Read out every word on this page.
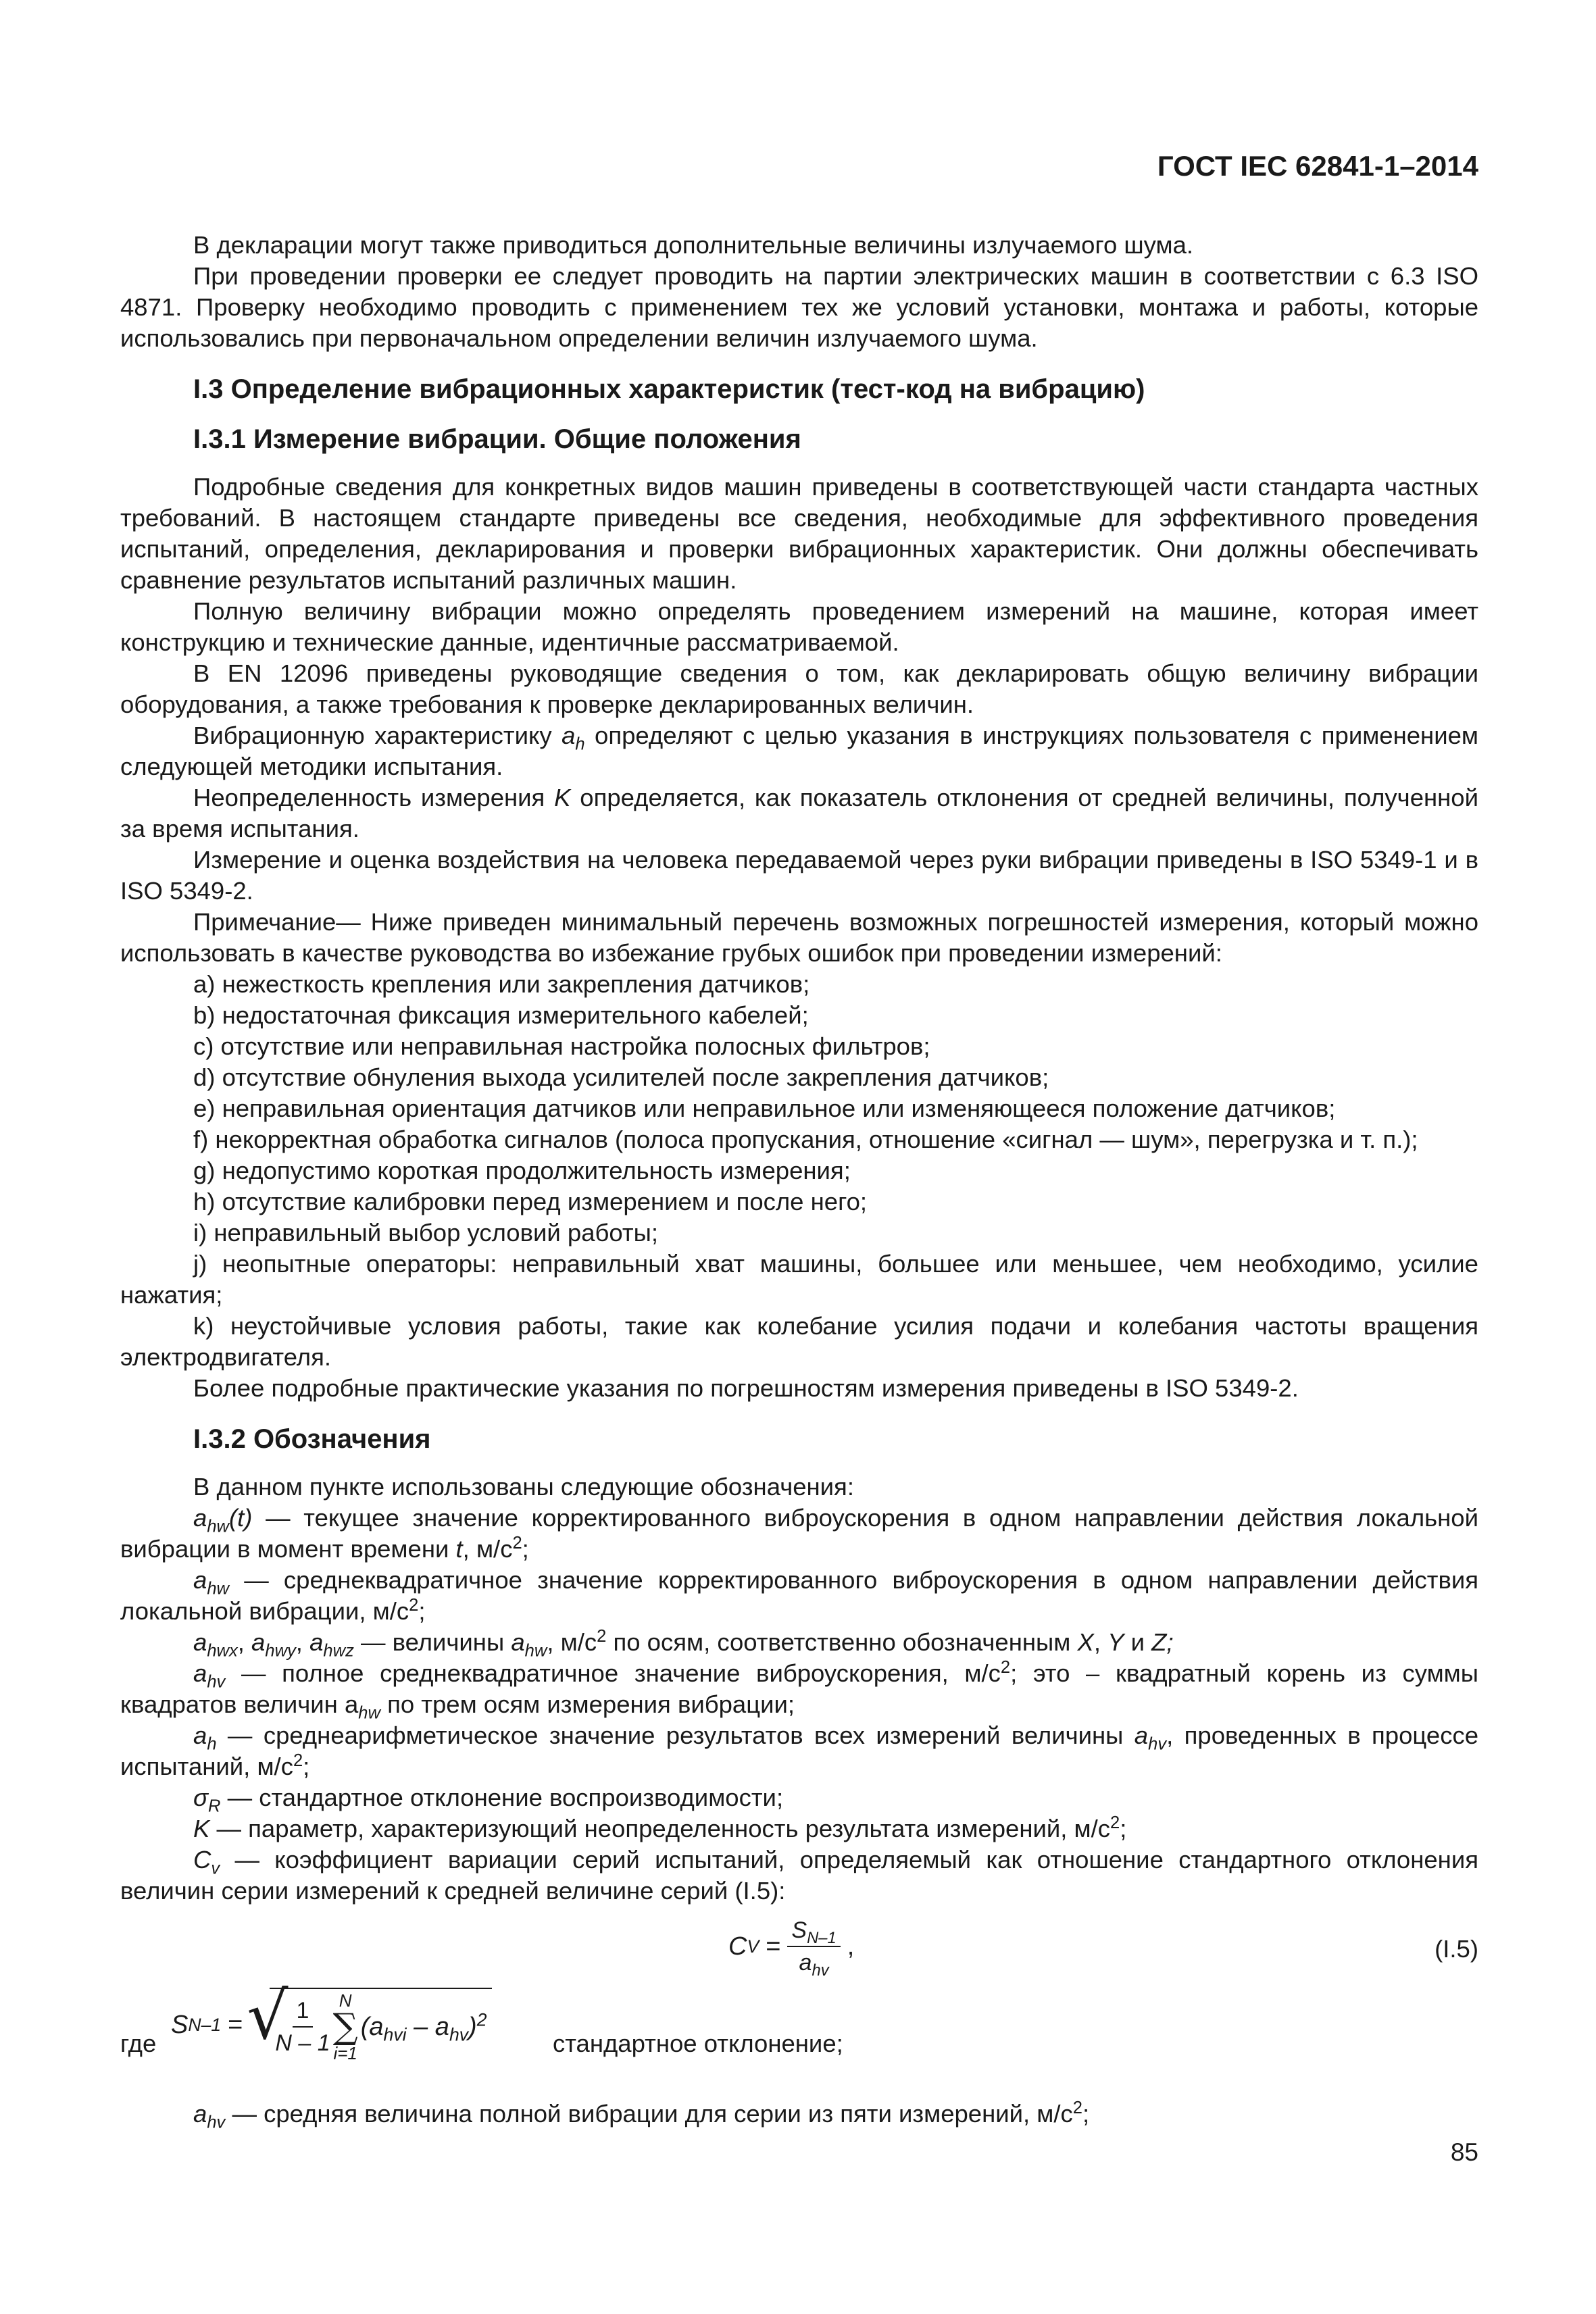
ГОСТ IEC 62841-1–2014

В декларации могут также приводиться дополнительные величины излучаемого шума.

При проведении проверки ее следует проводить на партии электрических машин в соответствии с 6.3 ISO 4871. Проверку необходимо проводить с применением тех же условий установки, монтажа и работы, которые использовались при первоначальном определении величин излучаемого шума.

I.3 Определение вибрационных характеристик (тест-код на вибрацию)
I.3.1 Измерение вибрации. Общие положения

Подробные сведения для конкретных видов машин приведены в соответствующей части стандарта частных требований. В настоящем стандарте приведены все сведения, необходимые для эффективного проведения испытаний, определения, декларирования и проверки вибрационных характеристик. Они должны обеспечивать сравнение результатов испытаний различных машин.

Полную величину вибрации можно определять проведением измерений на машине, которая имеет конструкцию и технические данные, идентичные рассматриваемой.

В EN 12096 приведены руководящие сведения о том, как декларировать общую величину вибрации оборудования, а также требования к проверке декларированных величин.

Вибрационную характеристику $a_h$ определяют с целью указания в инструкциях пользователя с применением следующей методики испытания.

Неопределенность измерения K определяется, как показатель отклонения от средней величины, полученной за время испытания.

Измерение и оценка воздействия на человека передаваемой через руки вибрации приведены в ISO 5349-1 и в ISO 5349-2.

Примечание— Ниже приведен минимальный перечень возможных погрешностей измерения, который можно использовать в качестве руководства во избежание грубых ошибок при проведении измерений:

a) нежесткость крепления или закрепления датчиков;

b) недостаточная фиксация измерительного кабелей;

c) отсутствие или неправильная настройка полосных фильтров;

d) отсутствие обнуления выхода усилителей после закрепления датчиков;

e) неправильная ориентация датчиков или неправильное или изменяющееся положение датчиков;

f) некорректная обработка сигналов (полоса пропускания, отношение «сигнал — шум», перегрузка и т. п.);

g) недопустимо короткая продолжительность измерения;

h) отсутствие калибровки перед измерением и после него;

i) неправильный выбор условий работы;

j) неопытные операторы: неправильный хват машины, большее или меньшее, чем необходимо, усилие нажатия;

k) неустойчивые условия работы, такие как колебание усилия подачи и колебания частоты вращения электродвигателя.

Более подробные практические указания по погрешностям измерения приведены в ISO 5349-2.

I.3.2 Обозначения

В данном пункте использованы следующие обозначения:

$a_{hw}(t)$ — текущее значение корректированного виброускорения в одном направлении действия локальной вибрации в момент времени t, $м/с^2$;

$a_{hw}$ — среднеквадратичное значение корректированного виброускорения в одном направлении действия локальной вибрации, $м/с^2$;

$a_{hwx}$, $a_{hwy}$, $a_{hwz}$ — величины $a_{hw}$, $м/с^2$ по осям, соответственно обозначенным X, Y и Z;

$a_{hv}$ — полное среднеквадратичное значение виброускорения, $м/с^2$; это – квадратный корень из суммы квадратов величин $a_{hw}$ по трем осям измерения вибрации;

$a_h$ — среднеарифметическое значение результатов всех измерений величины $a_{hv}$, проведенных в процессе испытаний, $м/с^2$;

$\sigma_R$ — стандартное отклонение воспроизводимости;

K — параметр, характеризующий неопределенность результата измерений, $м/с^2$;

$C_v$ — коэффициент вариации серий испытаний, определяемый как отношение стандартного отклонения величин серии измерений к средней величине серий (I.5):

C $V = \frac{S_{N-1}}{a_{hv}}$ ,	(I.5)
где
S N–1 =
√ $\frac{1}{N - 1}$ N
∑
i=1
$(a_{hvi} - a_{hv})^2$
стандартное отклонение;

$a_{hv}$ — средняя величина полной вибрации для серии из пяти измерений, $м/с^2$;

85
